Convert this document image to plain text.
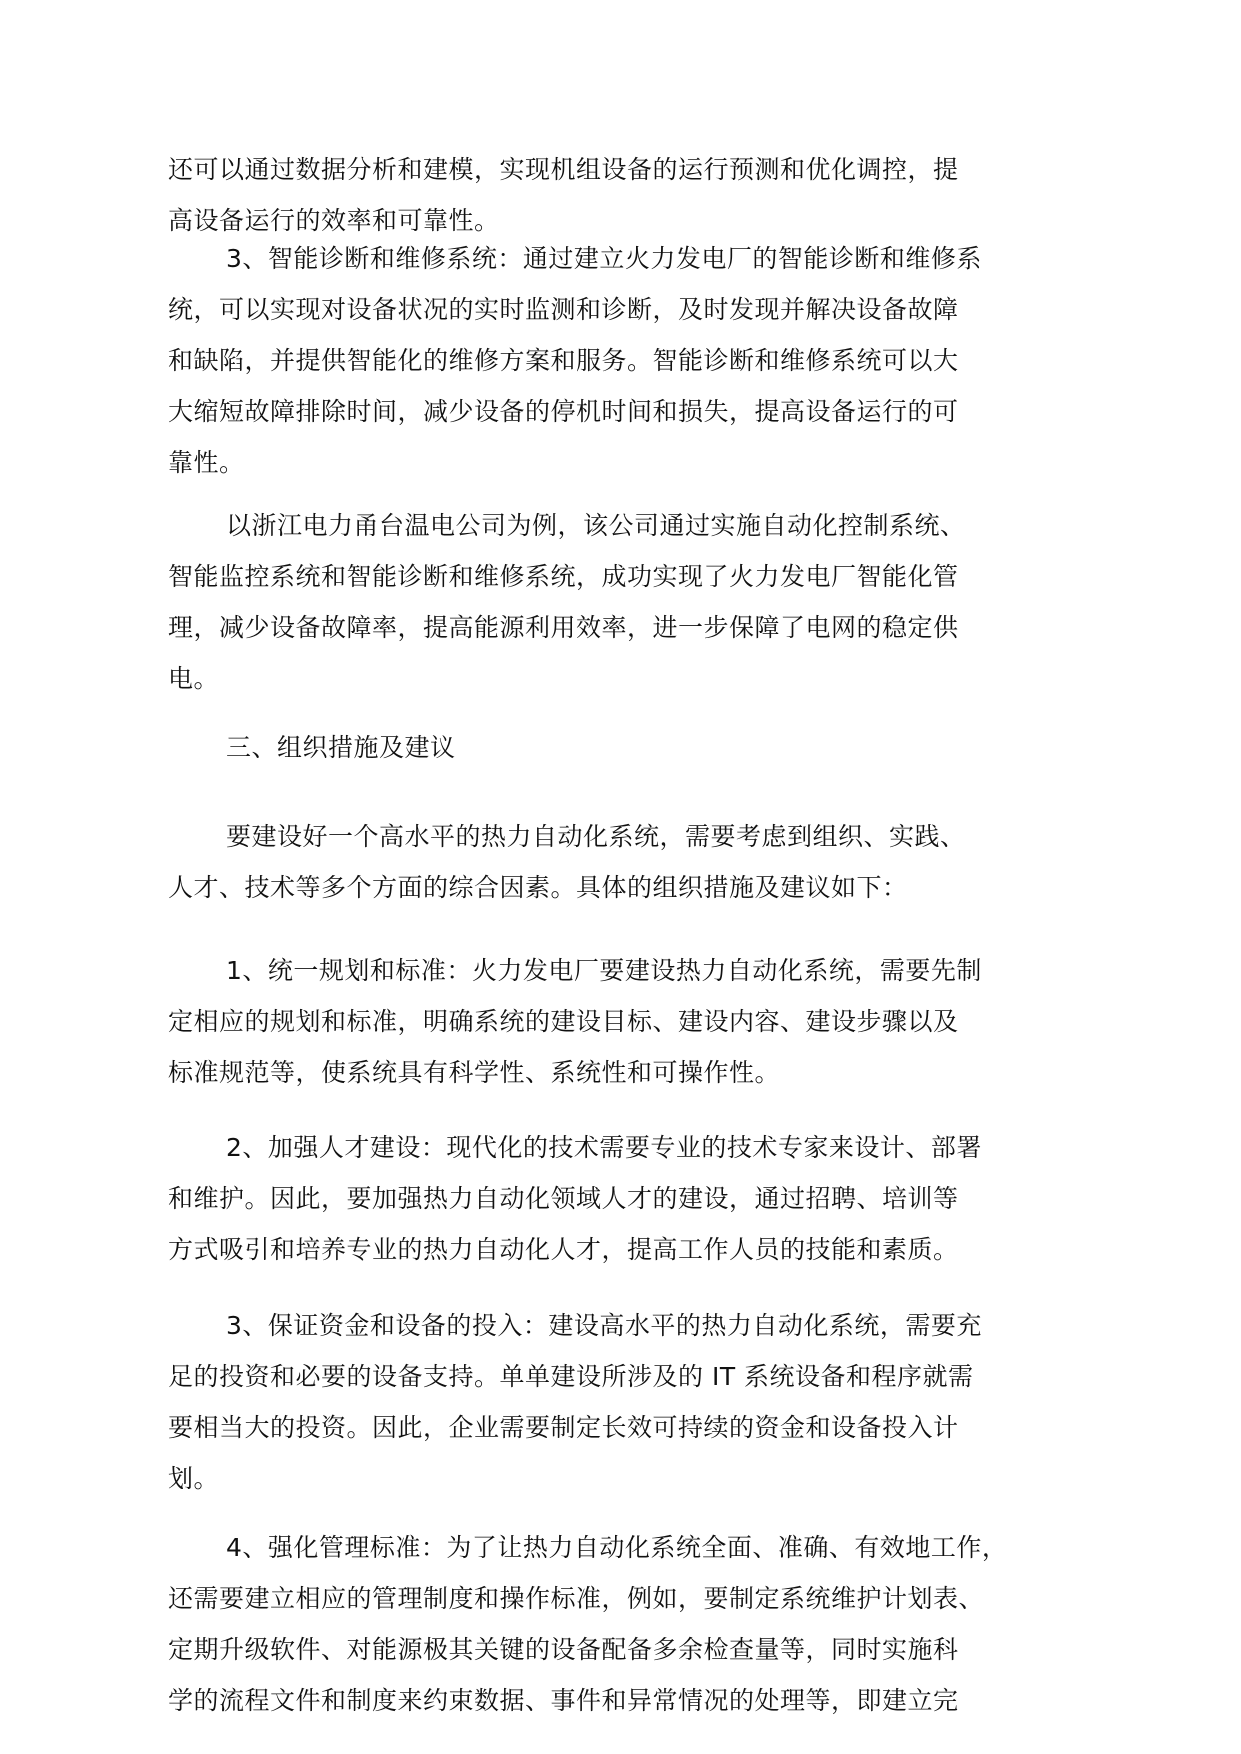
还可以通过数据分析和建模，实现机组设备的运行预测和优化调控，提
高设备运行的效率和可靠性。
3、智能诊断和维修系统：通过建立火力发电厂的智能诊断和维修系
统，可以实现对设备状况的实时监测和诊断，及时发现并解决设备故障
和缺陷，并提供智能化的维修方案和服务。智能诊断和维修系统可以大
大缩短故障排除时间，减少设备的停机时间和损失，提高设备运行的可
靠性。
以浙江电力甬台温电公司为例，该公司通过实施自动化控制系统、
智能监控系统和智能诊断和维修系统，成功实现了火力发电厂智能化管
理，减少设备故障率，提高能源利用效率，进一步保障了电网的稳定供
电。
三、组织措施及建议
要建设好一个高水平的热力自动化系统，需要考虑到组织、实践、
人才、技术等多个方面的综合因素。具体的组织措施及建议如下：
1、统一规划和标准：火力发电厂要建设热力自动化系统，需要先制
定相应的规划和标准，明确系统的建设目标、建设内容、建设步骤以及
标准规范等，使系统具有科学性、系统性和可操作性。
2、加强人才建设：现代化的技术需要专业的技术专家来设计、部署
和维护。因此，要加强热力自动化领域人才的建设，通过招聘、培训等
方式吸引和培养专业的热力自动化人才，提高工作人员的技能和素质。
3、保证资金和设备的投入：建设高水平的热力自动化系统，需要充
足的投资和必要的设备支持。单单建设所涉及的 IT 系统设备和程序就需
要相当大的投资。因此，企业需要制定长效可持续的资金和设备投入计
划。
4、强化管理标准：为了让热力自动化系统全面、准确、有效地工作，
还需要建立相应的管理制度和操作标准，例如，要制定系统维护计划表、
定期升级软件、对能源极其关键的设备配备多余检查量等，同时实施科
学的流程文件和制度来约束数据、事件和异常情况的处理等，即建立完
